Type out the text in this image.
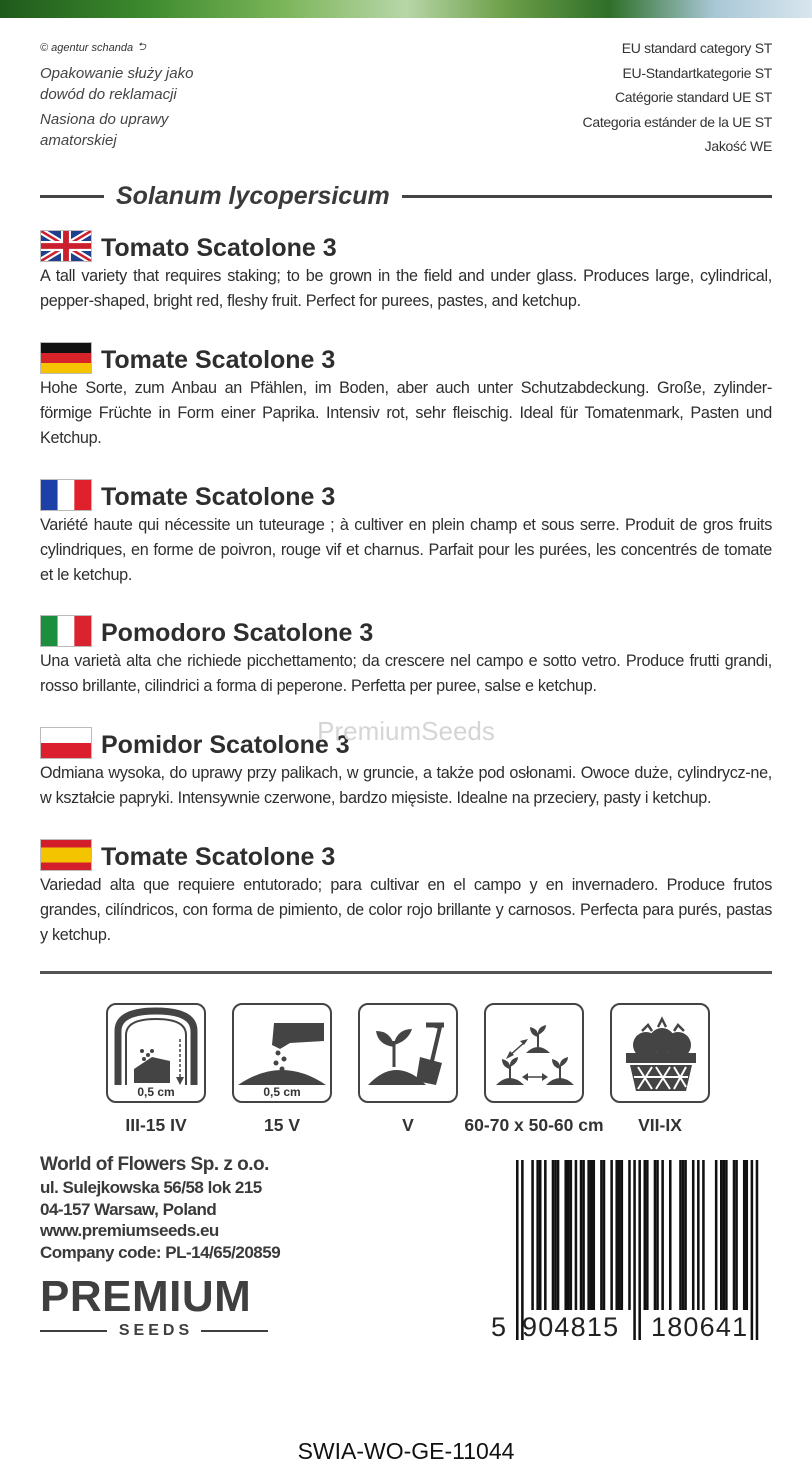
© agentur schanda ⮌
Opakowanie służy jako
dowód do reklamacji
Nasiona do uprawy
amatorskiej
EU standard category ST
EU-Standartkategorie ST
Catégorie standard UE ST
Categoria estánder de la UE ST
Jakość WE
Solanum lycopersicum
Tomato Scatolone 3
A tall variety that requires staking; to be grown in the field and under glass. Produces large, cylindrical, pepper-shaped, bright red, fleshy fruit. Perfect for purees, pastes, and ketchup.
Tomate Scatolone 3
Hohe Sorte, zum Anbau an Pfählen, im Boden, aber auch unter Schutzabdeckung. Große, zylinder-förmige Früchte in Form einer Paprika. Intensiv rot, sehr fleischig. Ideal für Tomatenmark, Pasten und Ketchup.
Tomate Scatolone 3
Variété haute qui nécessite un tuteurage ; à cultiver en plein champ et sous serre. Produit de gros fruits cylindriques, en forme de poivron, rouge vif et charnus. Parfait pour les purées, les concentrés de tomate et le ketchup.
Pomodoro Scatolone 3
Una varietà alta che richiede picchettamento; da crescere nel campo e sotto vetro. Produce frutti grandi, rosso brillante, cilindrici a forma di peperone. Perfetta per puree, salse e ketchup.
Pomidor Scatolone 3
Odmiana wysoka, do uprawy przy palikach, w gruncie, a także pod osłonami. Owoce duże, cylindrycz-ne, w kształcie papryki. Intensywnie czerwone, bardzo mięsiste. Idealne na przeciery, pasty i ketchup.
Tomate Scatolone 3
Variedad alta que requiere entutorado; para cultivar en el campo y en invernadero. Produce frutos grandes, cilíndricos, con forma de pimiento, de color rojo brillante y carnosos. Perfecta para purés, pastas y ketchup.
PremiumSeeds
0,5 cm	0,5 cm
III-15 IV	15 V	V	60-70 x 50-60 cm	VII-IX
World of Flowers Sp. z o.o.
ul. Sulejkowska 56/58 lok 215
04-157 Warsaw, Poland
www.premiumseeds.eu
Company code: PL-14/65/20859
PREMIUM
SEEDS	5 904815 180641
SWIA-WO-GE-11044
